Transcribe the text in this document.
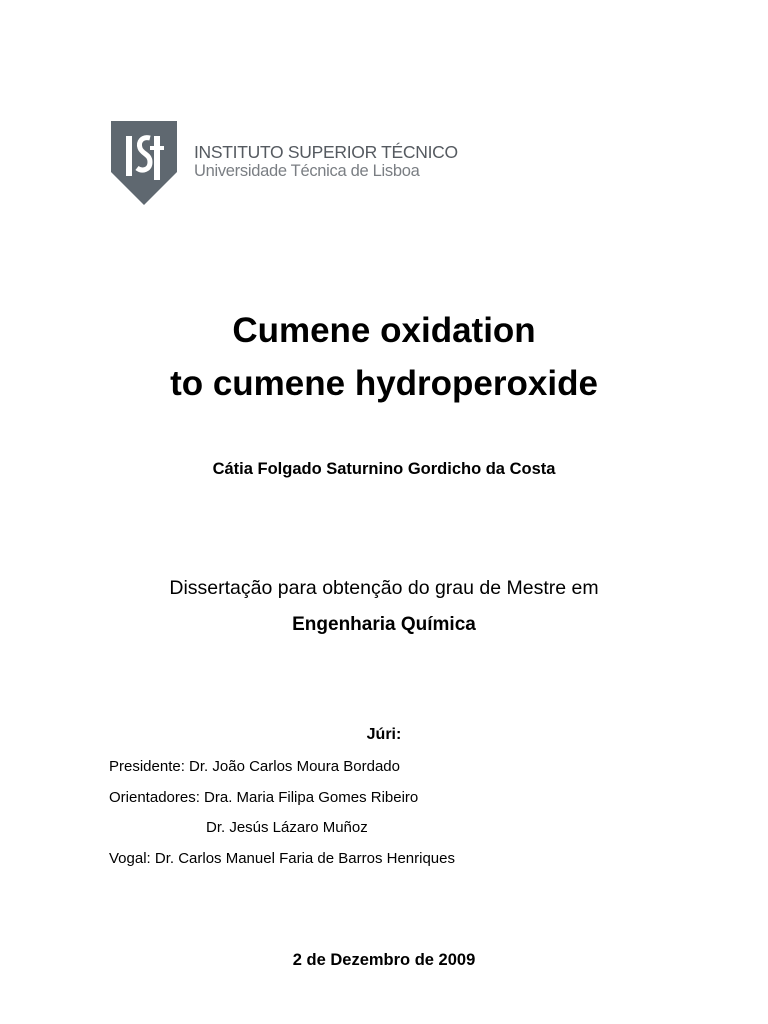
INSTITUTO SUPERIOR TÉCNICO
Universidade Técnica de Lisboa
Cumene oxidation
to cumene hydroperoxide
Cátia Folgado Saturnino Gordicho da Costa
Dissertação para obtenção do grau de Mestre em
Engenharia Química
Júri:
Presidente: Dr. João Carlos Moura Bordado
Orientadores: Dra. Maria Filipa Gomes Ribeiro
Dr. Jesús Lázaro Muñoz
Vogal: Dr. Carlos Manuel Faria de Barros Henriques
2 de Dezembro de 2009
